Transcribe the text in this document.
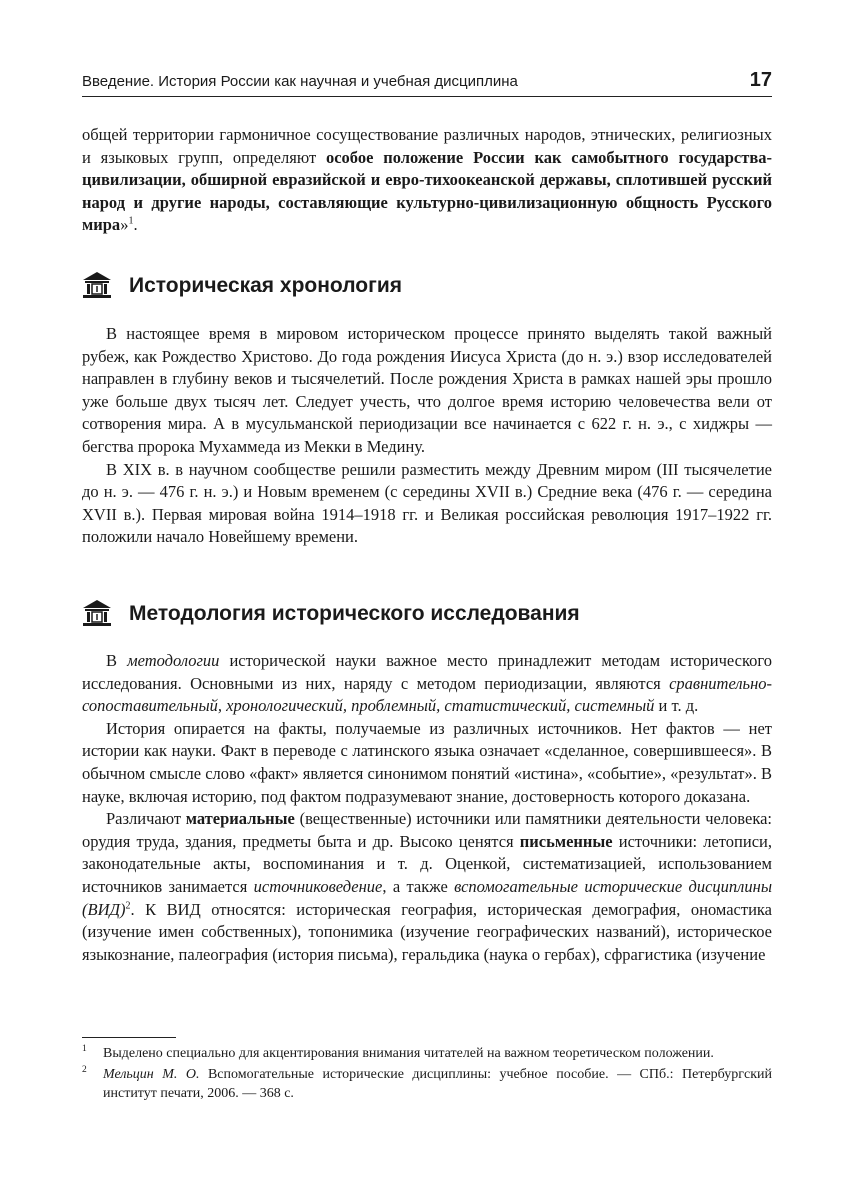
Введение. История России как научная и учебная дисциплина	17

общей территории гармоничное сосуществование различных народов, этнических, религиозных и языковых групп, определяют особое положение России как самобытного государства-цивилизации, обширной евразийской и евро-тихоокеанской державы, сплотившей русский народ и другие народы, составляющие культурно-цивилизационную общность Русского мира»$^1$.

Историческая хронология

В настоящее время в мировом историческом процессе принято выделять такой важный рубеж, как Рождество Христово. До года рождения Иисуса Христа (до н. э.) взор исследователей направлен в глубину веков и тысячелетий. После рождения Христа в рамках нашей эры прошло уже больше двух тысяч лет. Следует учесть, что долгое время историю человечества вели от сотворения мира. А в мусульманской периодизации все начинается с 622 г. н. э., с хиджры — бегства пророка Мухаммеда из Мекки в Медину.

В XIX в. в научном сообществе решили разместить между Древним миром (III тысячелетие до н. э. — 476 г. н. э.) и Новым временем (с середины XVII в.) Средние века (476 г. — середина XVII в.). Первая мировая война 1914–1918 гг. и Великая российская революция 1917–1922 гг. положили начало Новейшему времени.

Методология исторического исследования

В методологии исторической науки важное место принадлежит методам исторического исследования. Основными из них, наряду с методом периодизации, являются сравнительно-сопоставительный, хронологический, проблемный, статистический, системный и т. д.

История опирается на факты, получаемые из различных источников. Нет фактов — нет истории как науки. Факт в переводе с латинского языка означает «сделанное, совершившееся». В обычном смысле слово «факт» является синонимом понятий «истина», «событие», «результат». В науке, включая историю, под фактом подразумевают знание, достоверность которого доказана.

Различают материальные (вещественные) источники или памятники деятельности человека: орудия труда, здания, предметы быта и др. Высоко ценятся письменные источники: летописи, законодательные акты, воспоминания и т. д. Оценкой, систематизацией, использованием источников занимается источниковедение, а также вспомогательные исторические дисциплины (ВИД)$^2$. К ВИД относятся: историческая география, историческая демография, ономастика (изучение имен собственных), топонимика (изучение географических названий), историческое языкознание, палеография (история письма), геральдика (наука о гербах), сфрагистика (изучение

1 Выделено специально для акцентирования внимания читателей на важном теоретическом положении.
2 Мельцин М. О. Вспомогательные исторические дисциплины: учебное пособие. — СПб.: Петербургский институт печати, 2006. — 368 с.
